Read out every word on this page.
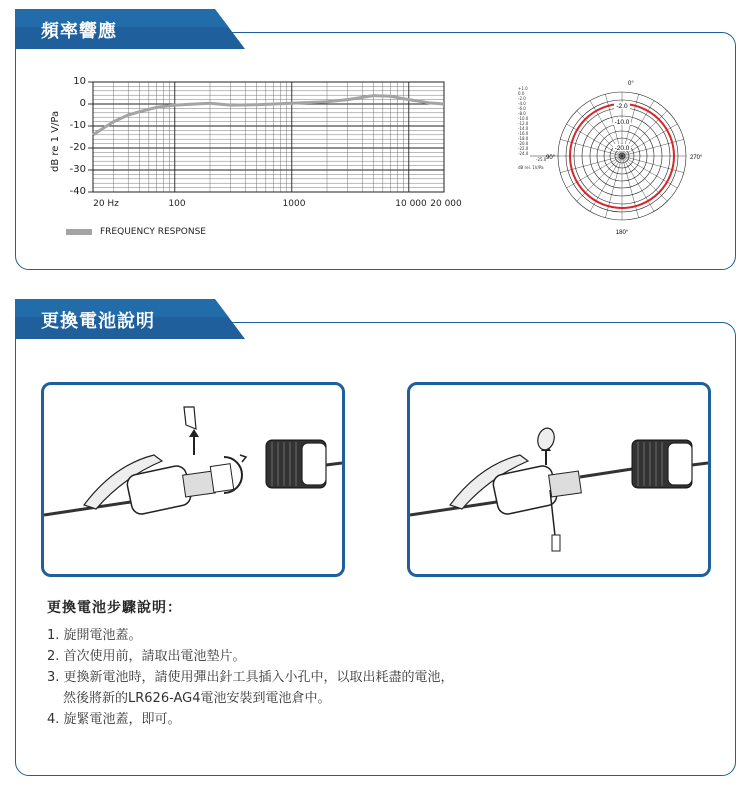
頻率響應
dB re 1 V/Pa
10
0
-10
-20
-30
-40
20 Hz	100	1000	10 000 20 000
FREQUENCY RESPONSE
+1.0
0.0
-2.0
-4.0
-6.0
-8.0
-10.0
-12.0
-14.0
-16.0
-18.0
-20.0
-22.0
-24.0
-25.0
dB rel. 1V/Pa
-2.0
-10.0
-20.0
0°
270°
180°
90°
更換電池說明
更換電池步驟說明：
1. 旋開電池蓋。
2. 首次使用前，請取出電池墊片。
3. 更換新電池時，請使用彈出針工具插入小孔中，以取出耗盡的電池，
然後將新的LR626-AG4電池安裝到電池倉中。
4. 旋緊電池蓋，即可。
